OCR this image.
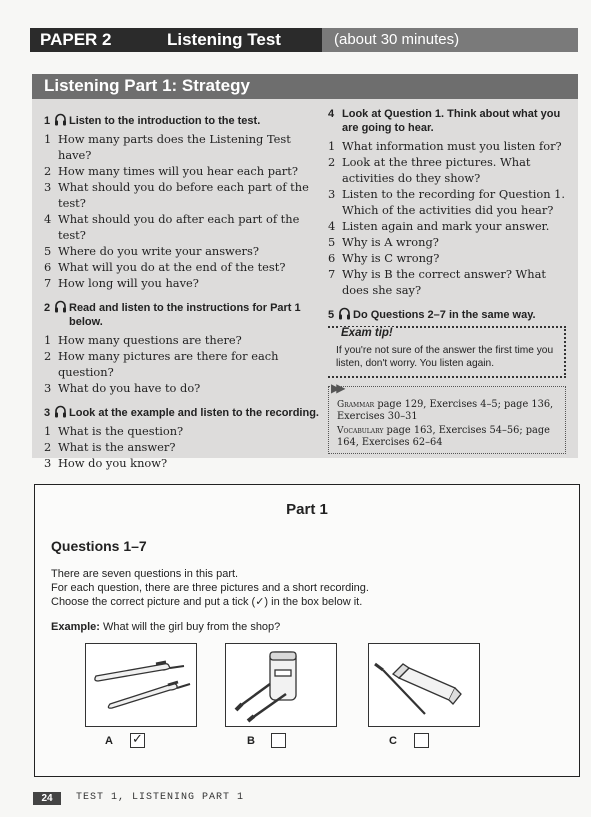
PAPER 2	Listening Test	(about 30 minutes)
Listening Part 1: Strategy
1 Listen to the introduction to the test.
1 How many parts does the Listening Test have?
2 How many times will you hear each part?
3 What should you do before each part of the test?
4 What should you do after each part of the test?
5 Where do you write your answers?
6 What will you do at the end of the test?
7 How long will you have?
2 Read and listen to the instructions for Part 1 below.
1 How many questions are there?
2 How many pictures are there for each question?
3 What do you have to do?
3 Look at the example and listen to the recording.
1 What is the question?
2 What is the answer?
3 How do you know?
4 Look at Question 1. Think about what you are going to hear.
1 What information must you listen for?
2 Look at the three pictures. What activities do they show?
3 Listen to the recording for Question 1. Which of the activities did you hear?
4 Listen again and mark your answer.
5 Why is A wrong?
6 Why is C wrong?
7 Why is B the correct answer? What does she say?
5 Do Questions 2–7 in the same way.
Exam tip!
If you're not sure of the answer the first time you listen, don't worry. You listen again.
▶▶
Grammar page 129, Exercises 4–5; page 136, Exercises 30–31
Vocabulary page 163, Exercises 54–56; page 164, Exercises 62–64
Part 1
Questions 1–7
There are seven questions in this part.
For each question, there are three pictures and a short recording.
Choose the correct picture and put a tick (✓) in the box below it.
Example: What will the girl buy from the shop?
A ✓	B	C
24	TEST 1, LISTENING PART 1
